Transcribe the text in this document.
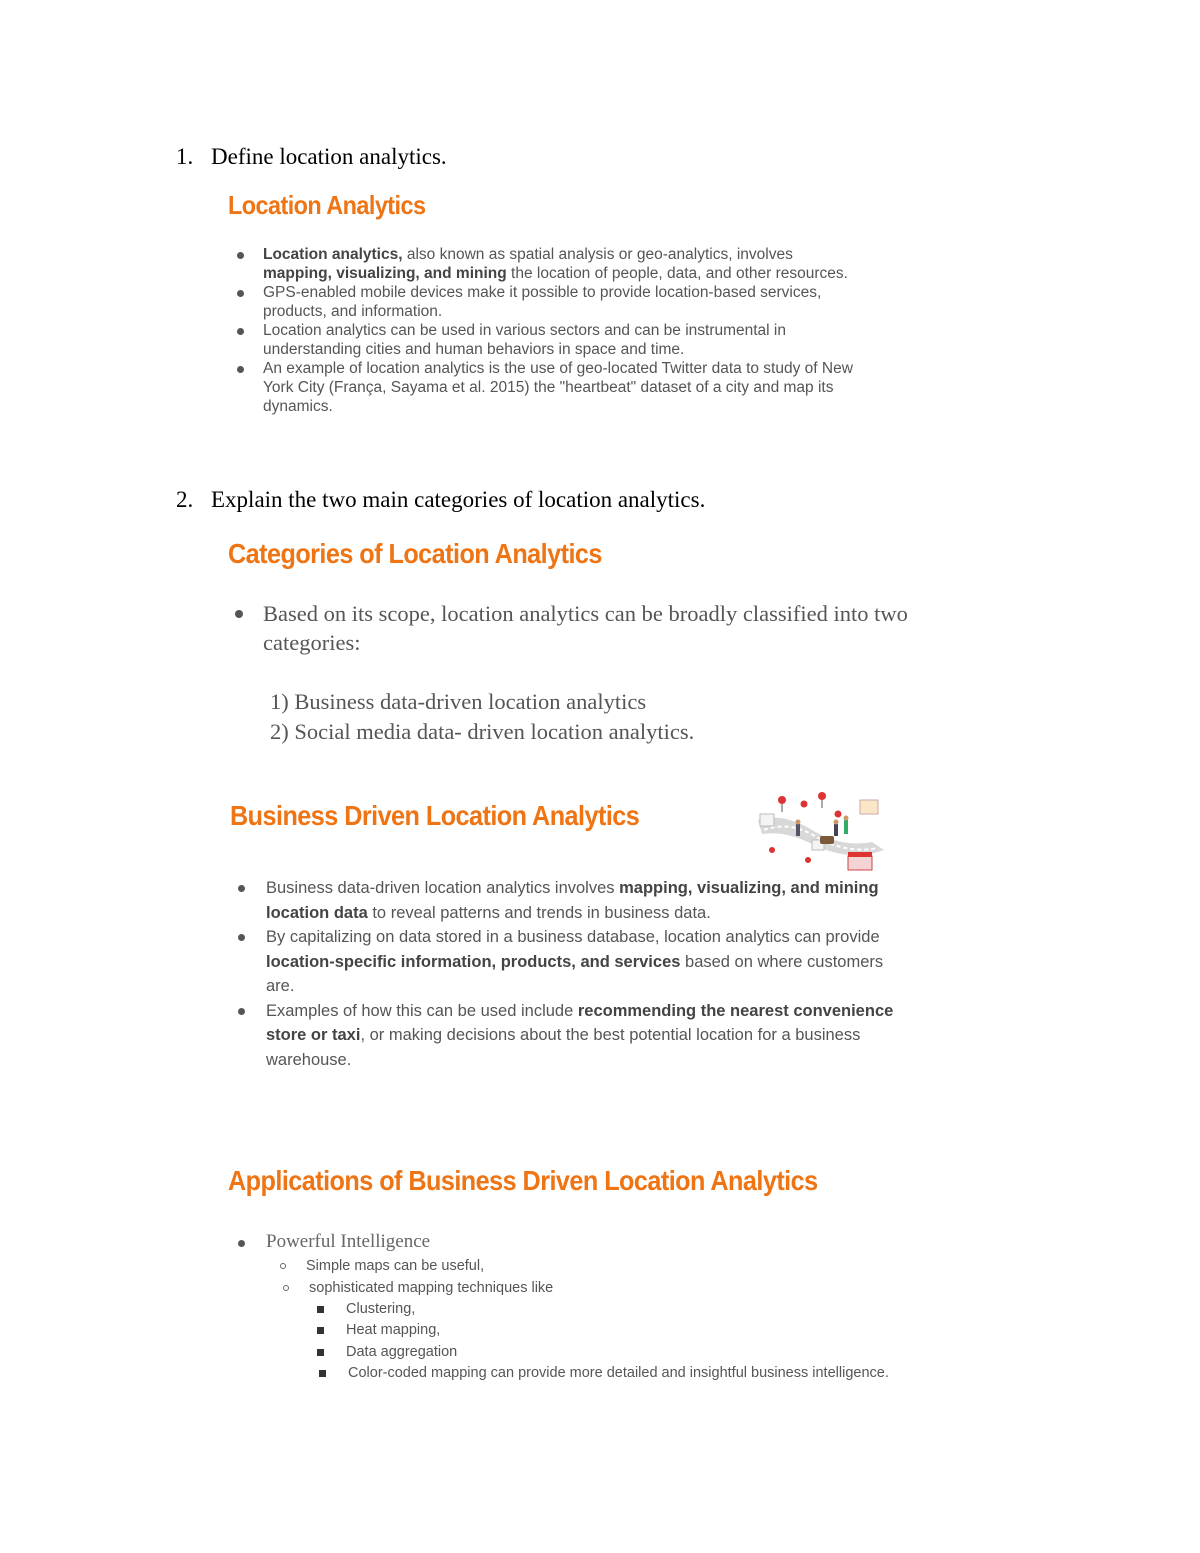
1. Define location analytics.
Location Analytics
Location analytics, also known as spatial analysis or geo-analytics, involves mapping, visualizing, and mining the location of people, data, and other resources.
GPS-enabled mobile devices make it possible to provide location-based services, products, and information.
Location analytics can be used in various sectors and can be instrumental in understanding cities and human behaviors in space and time.
An example of location analytics is the use of geo-located Twitter data to study of New York City (França, Sayama et al. 2015) the "heartbeat" dataset of a city and map its dynamics.
2. Explain the two main categories of location analytics.
Categories of Location Analytics
Based on its scope, location analytics can be broadly classified into two categories:
1) Business data-driven location analytics
2) Social media data- driven location analytics.
Business Driven Location Analytics
Business data-driven location analytics involves mapping, visualizing, and mining location data to reveal patterns and trends in business data.
By capitalizing on data stored in a business database, location analytics can provide location-specific information, products, and services based on where customers are.
Examples of how this can be used include recommending the nearest convenience store or taxi, or making decisions about the best potential location for a business warehouse.
Applications of Business Driven Location Analytics
Powerful Intelligence
Simple maps can be useful,
sophisticated mapping techniques like
Clustering,
Heat mapping,
Data aggregation
Color-coded mapping can provide more detailed and insightful business intelligence.
